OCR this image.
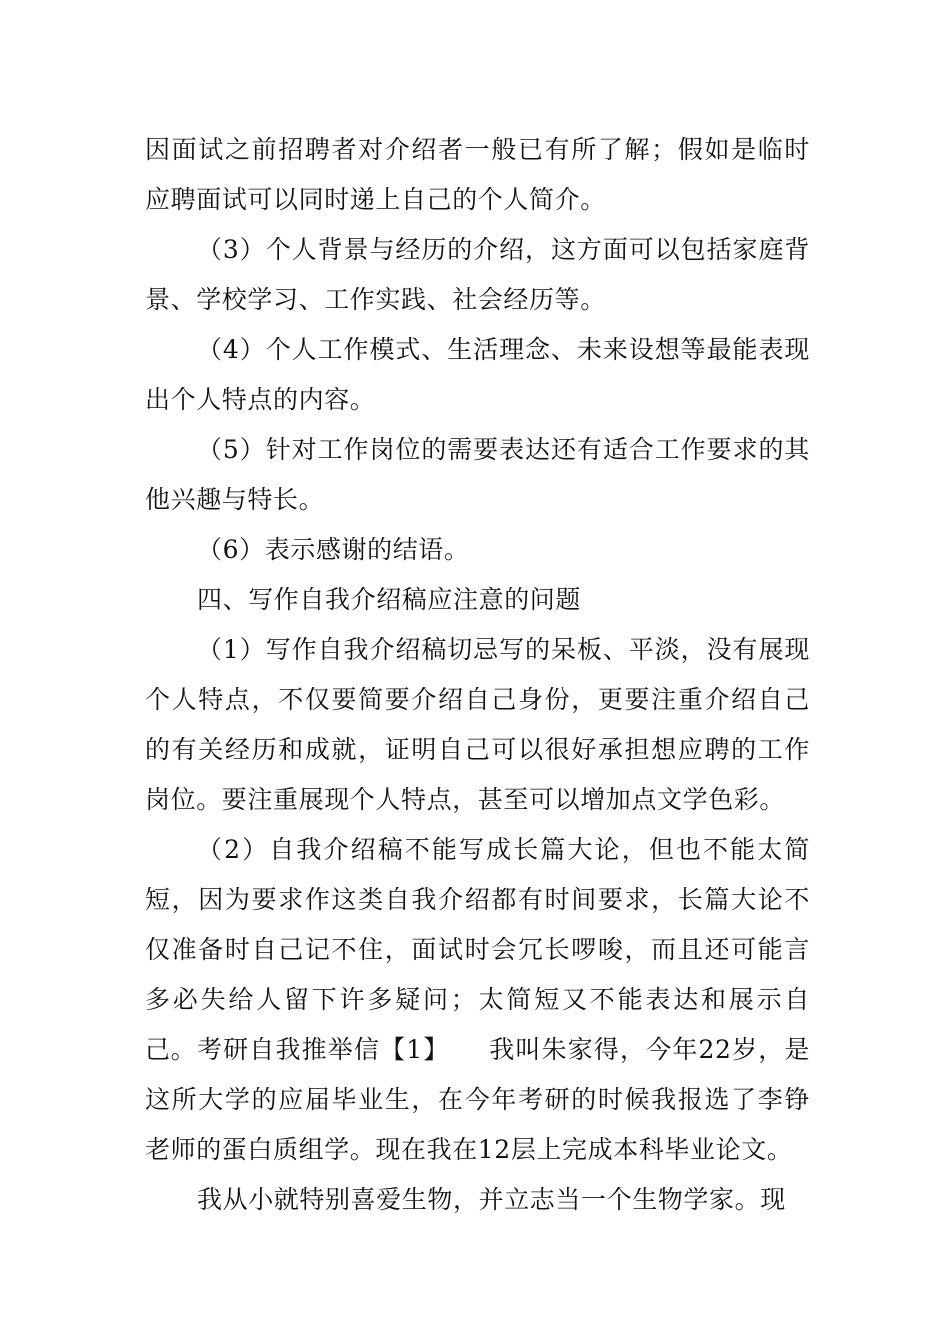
因面试之前招聘者对介绍者一般已有所了解；假如是临时应聘面试可以同时递上自己的个人简介。

（3）个人背景与经历的介绍，这方面可以包括家庭背景、学校学习、工作实践、社会经历等。

（4）个人工作模式、生活理念、未来设想等最能表现出个人特点的内容。

（5）针对工作岗位的需要表达还有适合工作要求的其他兴趣与特长。

（6）表示感谢的结语。

四、写作自我介绍稿应注意的问题

（1）写作自我介绍稿切忌写的呆板、平淡，没有展现个人特点，不仅要简要介绍自己身份，更要注重介绍自己的有关经历和成就，证明自己可以很好承担想应聘的工作岗位。要注重展现个人特点，甚至可以增加点文学色彩。

（2）自我介绍稿不能写成长篇大论，但也不能太简短，因为要求作这类自我介绍都有时间要求，长篇大论不仅准备时自己记不住，面试时会冗长啰唆，而且还可能言多必失给人留下许多疑问；太简短又不能表达和展示自己。 考研自我推举信【1】　　我叫朱家得，今年22岁，是这所大学的应届毕业生，在今年考研的时候我报选了李铮老师的蛋白质组学。现在我在12层上完成本科毕业论文。

我从小就特别喜爱生物，并立志当一个生物学家。现
